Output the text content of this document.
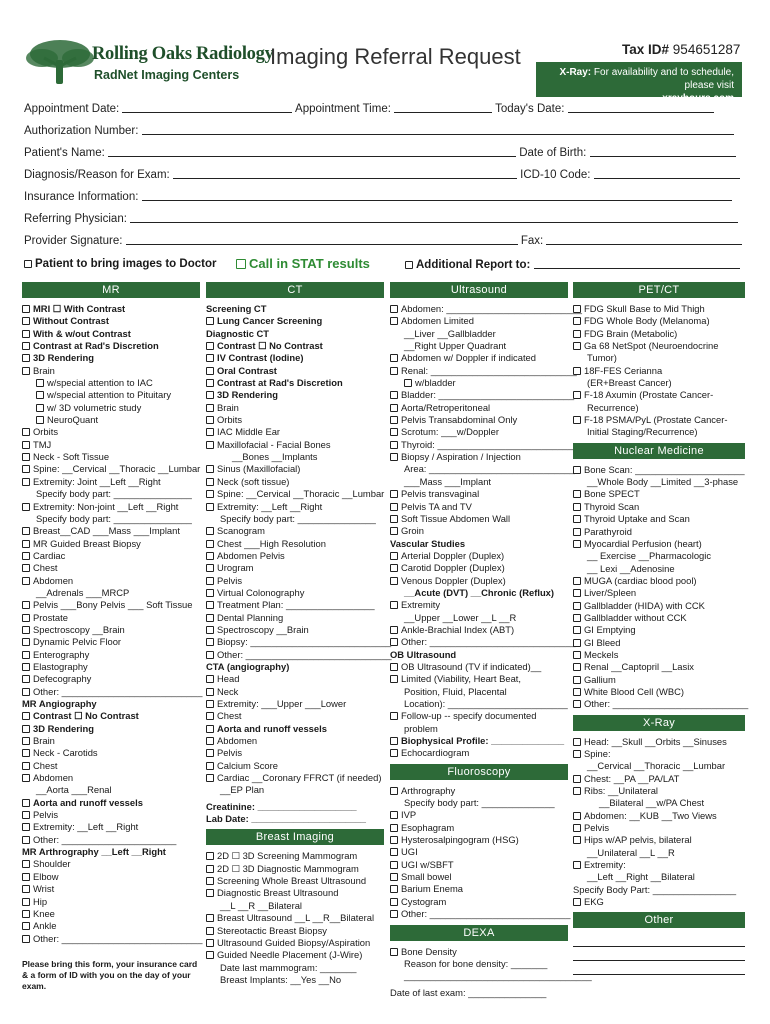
Rolling Oaks Radiology
RadNet Imaging Centers
Imaging Referral Request	Tax ID# 954651287
X-Ray: For availability and to schedule, please visit
xrayhours.com
Appointment Date:	Appointment Time:	Today's Date:
Authorization Number:
Patient's Name:	Date of Birth:
Diagnosis/Reason for Exam:	ICD-10 Code:
Insurance Information:
Referring Physician:
Provider Signature:	Fax:
Patient to bring images to Doctor	Call in STAT results	Additional Report to:
MR
MRI ☐ With Contrast
Without Contrast
With & w/out Contrast
Contrast at Rad's Discretion
3D Rendering
Brain
w/special attention to IAC
w/special attention to Pituitary
w/ 3D volumetric study
NeuroQuant
Orbits
TMJ
Neck - Soft Tissue
Spine: __Cervical __Thoracic __Lumbar
Extremity: Joint __Left __Right
Specify body part: _______________
Extremity: Non-joint __Left __Right
Specify body part: _______________
Breast__CAD ___Mass ___Implant
MR Guided Breast Biopsy
Cardiac
Chest
Abdomen
__Adrenals ___MRCP
Pelvis ___Bony Pelvis ___ Soft Tissue
Prostate
Spectroscopy __Brain
Dynamic Pelvic Floor
Enterography
Elastography
Defecography
Other: ___________________________
MR Angiography
Contrast ☐ No Contrast
3D Rendering
Brain
Neck - Carotids
Chest
Abdomen
__Aorta ___Renal
Aorta and runoff vessels
Pelvis
Extremity: __Left __Right
Other: ______________________
MR Arthrography __Left __Right
Shoulder
Elbow
Wrist
Hip
Knee
Ankle
Other: ___________________________
Please bring this form, your insurance card & a form of ID with you on the day of your exam.
CT
Screening CT
Lung Cancer Screening
Diagnostic CT
Contrast ☐ No Contrast
IV Contrast (Iodine)
Oral Contrast
Contrast at Rad's Discretion
3D Rendering
Brain
Orbits
IAC Middle Ear
Maxillofacial - Facial Bones
__Bones __Implants
Sinus (Maxillofacial)
Neck (soft tissue)
Spine: __Cervical __Thoracic __Lumbar
Extremity: __Left __Right
Specify body part: _______________
Scanogram
Chest ___High Resolution
Abdomen Pelvis
Urogram
Pelvis
Virtual Colonography
Treatment Plan: _________________
Dental Planning
Spectroscopy __Brain
Biopsy: ___________________________
Other: ____________________________
CTA (angiography)
Head
Neck
Extremity: ___Upper ___Lower
Chest
Aorta and runoff vessels
Abdomen
Pelvis
Calcium Score
Cardiac __Coronary FFRCT (if needed)
__EP Plan
Creatinine: ___________________
Lab Date: ______________________
Breast Imaging
2D ☐ 3D Screening Mammogram
2D ☐ 3D Diagnostic Mammogram
Screening Whole Breast Ultrasound
Diagnostic Breast Ultrasound
__L __R __Bilateral
Breast Ultrasound __L __R__Bilateral
Stereotactic Breast Biopsy
Ultrasound Guided Biopsy/Aspiration
Guided Needle Placement (J-Wire)
Date last mammogram: _______
Breast Implants: __Yes __No
Ultrasound
Abdomen: __________________________
Abdomen Limited
__Liver __Gallbladder
__Right Upper Quadrant
Abdomen w/ Doppler if indicated
Renal: ____________________________
w/bladder
Bladder: __________________________
Aorta/Retroperitoneal
Pelvis Transabdominal Only
Scrotum: ___w/Doppler
Thyroid: __________________________
Biopsy / Aspiration / Injection
Area: ____________________________
___Mass ___Implant
Pelvis transvaginal
Pelvis TA and TV
Soft Tissue Abdomen Wall
Groin
Vascular Studies
Arterial Doppler (Duplex)
Carotid Doppler (Duplex)
Venous Doppler (Duplex)
__Acute (DVT) __Chronic (Reflux)
Extremity
__Upper __Lower __L __R
Ankle-Brachial Index (ABT)
Other: ____________________________
OB Ultrasound
OB Ultrasound (TV if indicated)__
Limited (Viability, Heart Beat,
Position, Fluid, Placental
Location): _______________________
Follow-up -- specify documented
problem
Biophysical Profile: ______________
Echocardiogram
Fluoroscopy
Arthrography
Specify body part: ______________
IVP
Esophagram
Hysterosalpingogram (HSG)
UGI
UGI w/SBFT
Small bowel
Barium Enema
Cystogram
Other: ___________________________
DEXA
Bone Density
Reason for bone density: _______
____________________________________
Date of last exam: _______________
PET/CT
FDG Skull Base to Mid Thigh
FDG Whole Body (Melanoma)
FDG Brain (Metabolic)
Ga 68 NetSpot (Neuroendocrine
Tumor)
18F-FES Cerianna
(ER+Breast Cancer)
F-18 Axumin (Prostate Cancer-
Recurrence)
F-18 PSMA/PyL (Prostate Cancer-
Initial Staging/Recurrence)
Nuclear Medicine
Bone Scan: _____________________
__Whole Body __Limited __3-phase
Bone SPECT
Thyroid Scan
Thyroid Uptake and Scan
Parathyroid
Myocardial Perfusion (heart)
__ Exercise __Pharmacologic
__ Lexi __Adenosine
MUGA (cardiac blood pool)
Liver/Spleen
Gallbladder (HIDA) with CCK
Gallbladder without CCK
GI Emptying
GI Bleed
Meckels
Renal __Captopril __Lasix
Gallium
White Blood Cell (WBC)
Other: __________________________
X-Ray
Head: __Skull __Orbits __Sinuses
Spine:
__Cervical __Thoracic __Lumbar
Chest: __PA __PA/LAT
Ribs: __Unilateral
__Bilateral __w/PA Chest
Abdomen: __KUB __Two Views
Pelvis
Hips w/AP pelvis, bilateral
__Unilateral __L __R
Extremity:
__Left __Right __Bilateral
Specify Body Part: ________________
EKG
Other
